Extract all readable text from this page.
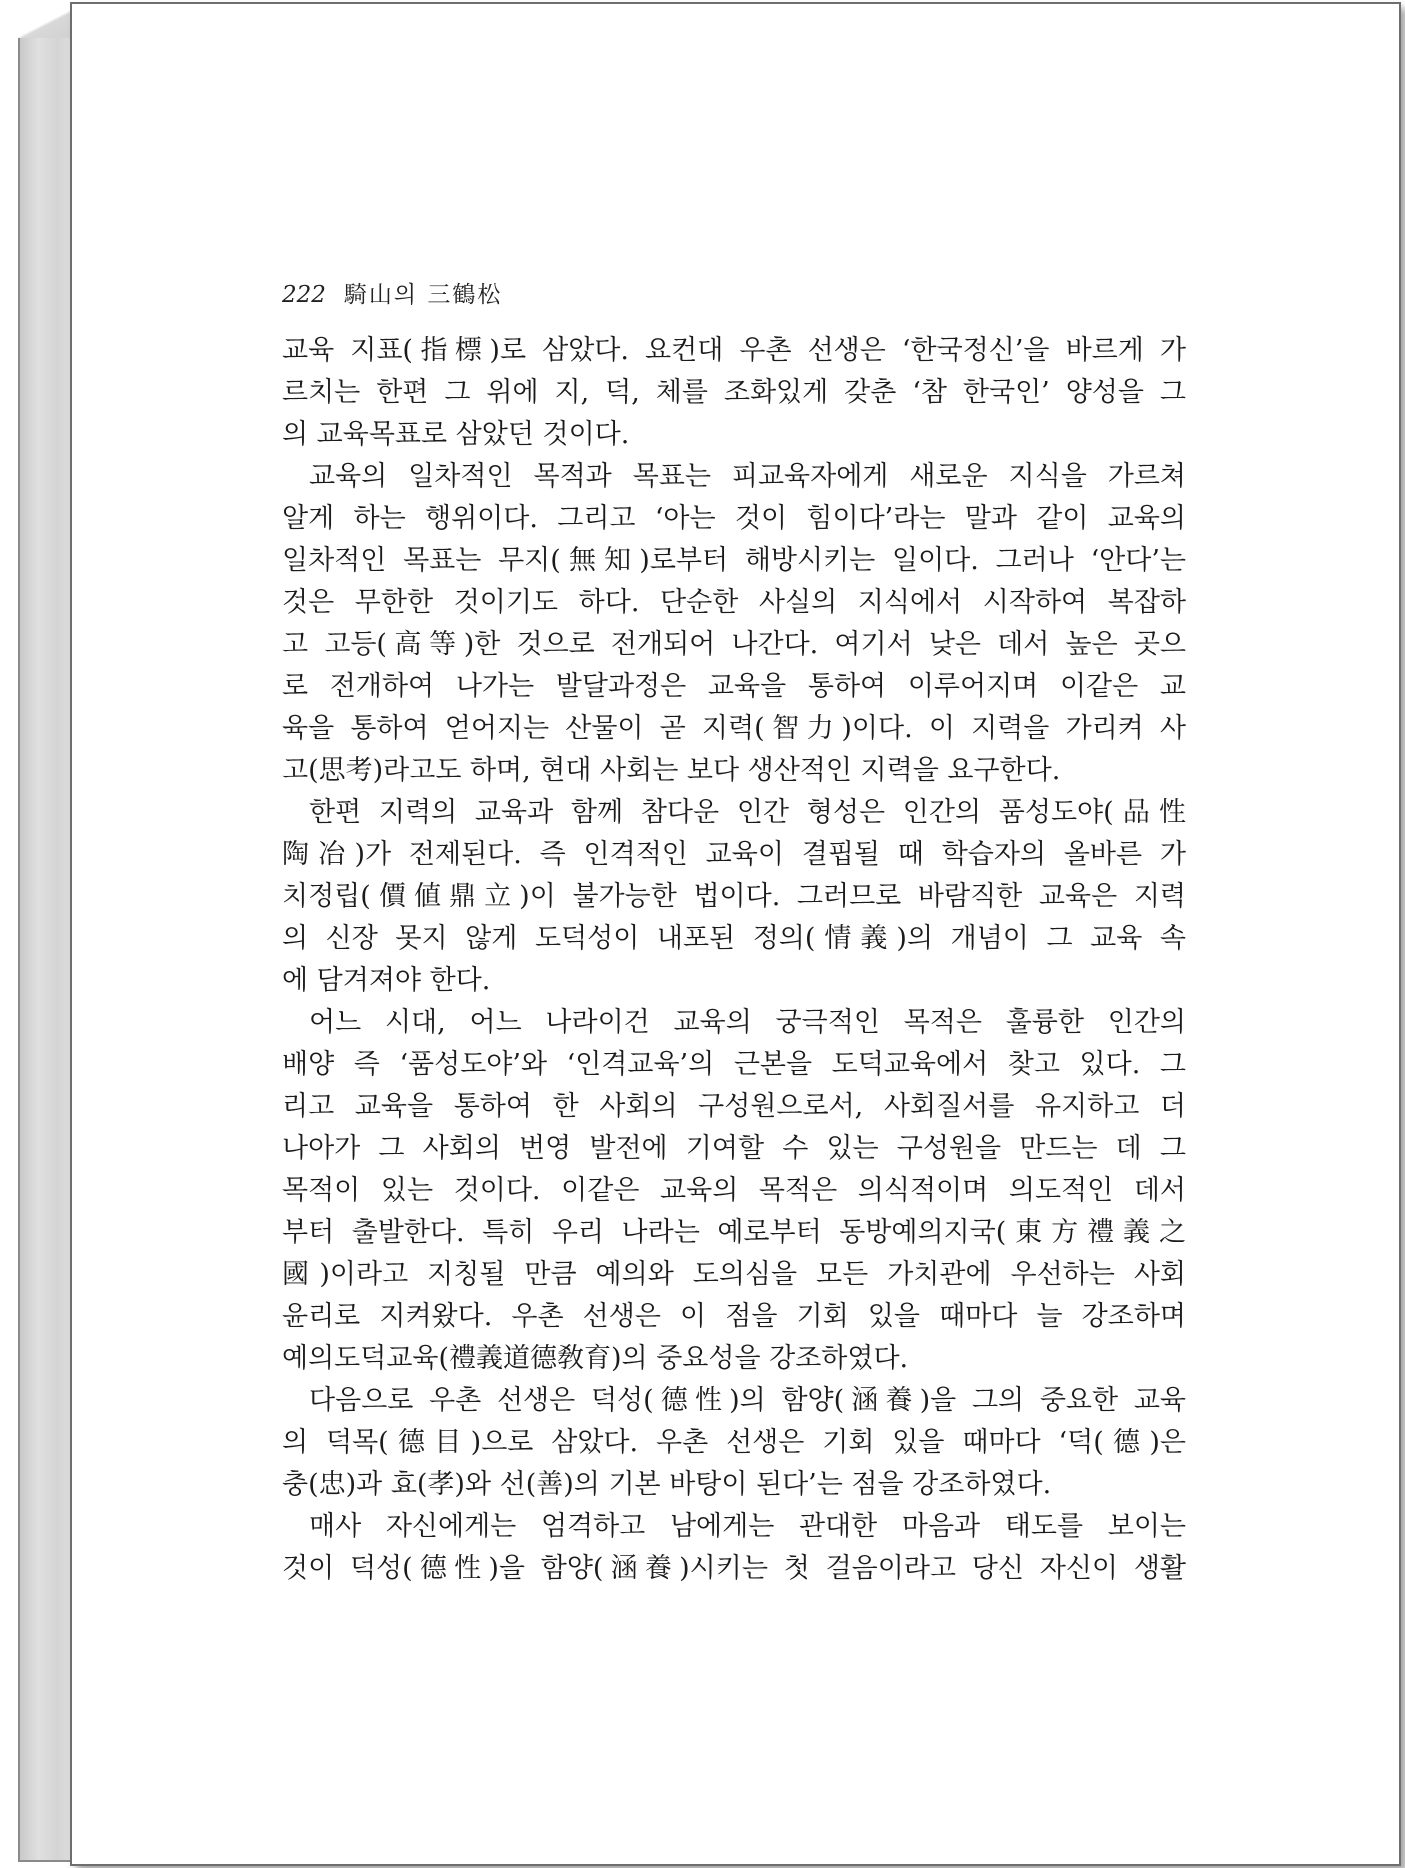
222 騎山의 三鶴松
교육 지표(指標)로 삼았다. 요컨대 우촌 선생은 ‘한국정신’을 바르게 가
르치는 한편 그 위에 지, 덕, 체를 조화있게 갖춘 ‘참 한국인’ 양성을 그
의 교육목표로 삼았던 것이다.
교육의 일차적인 목적과 목표는 피교육자에게 새로운 지식을 가르쳐
알게 하는 행위이다. 그리고 ‘아는 것이 힘이다’라는 말과 같이 교육의
일차적인 목표는 무지(無知)로부터 해방시키는 일이다. 그러나 ‘안다’는
것은 무한한 것이기도 하다. 단순한 사실의 지식에서 시작하여 복잡하
고 고등(高等)한 것으로 전개되어 나간다. 여기서 낮은 데서 높은 곳으
로 전개하여 나가는 발달과정은 교육을 통하여 이루어지며 이같은 교
육을 통하여 얻어지는 산물이 곧 지력(智力)이다. 이 지력을 가리켜 사
고(思考)라고도 하며, 현대 사회는 보다 생산적인 지력을 요구한다.
한편 지력의 교육과 함께 참다운 인간 형성은 인간의 품성도야(品性
陶冶)가 전제된다. 즉 인격적인 교육이 결핍될 때 학습자의 올바른 가
치정립(價値鼎立)이 불가능한 법이다. 그러므로 바람직한 교육은 지력
의 신장 못지 않게 도덕성이 내포된 정의(情義)의 개념이 그 교육 속
에 담겨져야 한다.
어느 시대, 어느 나라이건 교육의 궁극적인 목적은 훌륭한 인간의
배양 즉 ‘품성도야’와 ‘인격교육’의 근본을 도덕교육에서 찾고 있다. 그
리고 교육을 통하여 한 사회의 구성원으로서, 사회질서를 유지하고 더
나아가 그 사회의 번영 발전에 기여할 수 있는 구성원을 만드는 데 그
목적이 있는 것이다. 이같은 교육의 목적은 의식적이며 의도적인 데서
부터 출발한다. 특히 우리 나라는 예로부터 동방예의지국(東方禮義之
國)이라고 지칭될 만큼 예의와 도의심을 모든 가치관에 우선하는 사회
윤리로 지켜왔다. 우촌 선생은 이 점을 기회 있을 때마다 늘 강조하며
예의도덕교육(禮義道德敎育)의 중요성을 강조하였다.
다음으로 우촌 선생은 덕성(德性)의 함양(涵養)을 그의 중요한 교육
의 덕목(德目)으로 삼았다. 우촌 선생은 기회 있을 때마다 ‘덕(德)은
충(忠)과 효(孝)와 선(善)의 기본 바탕이 된다’는 점을 강조하였다.
매사 자신에게는 엄격하고 남에게는 관대한 마음과 태도를 보이는
것이 덕성(德性)을 함양(涵養)시키는 첫 걸음이라고 당신 자신이 생활
